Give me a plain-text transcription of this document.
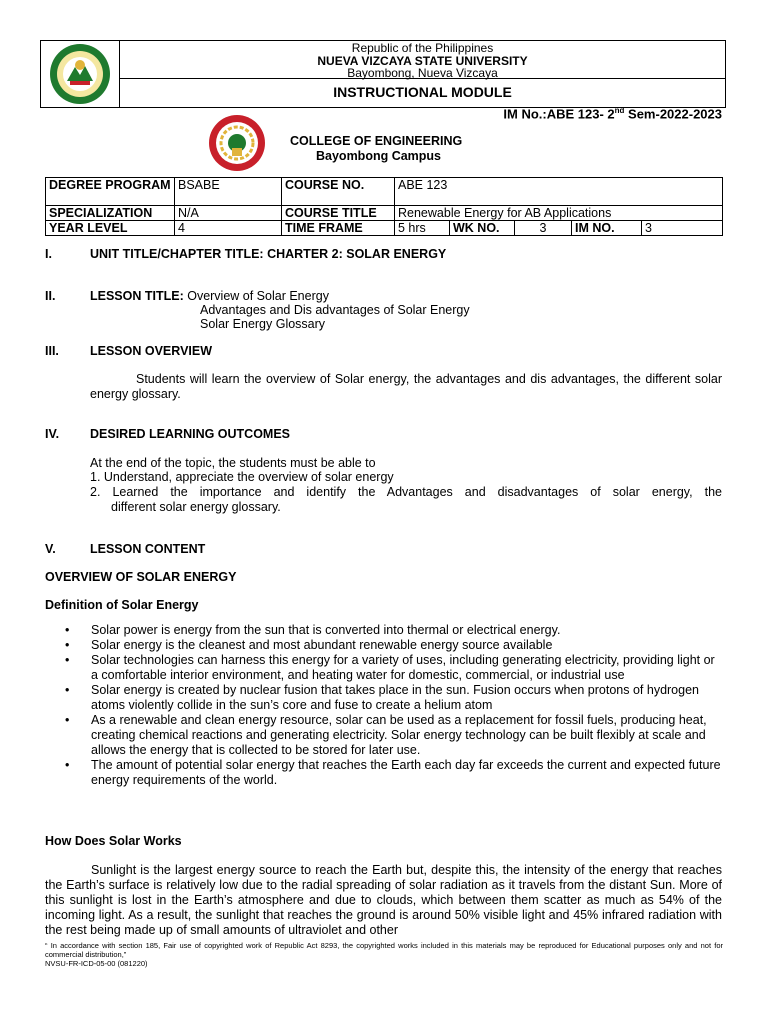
Republic of the Philippines
NUEVA VIZCAYA STATE UNIVERSITY
Bayombong, Nueva Vizcaya
INSTRUCTIONAL MODULE
IM No.:ABE 123- 2nd Sem-2022-2023
COLLEGE OF ENGINEERING
Bayombong Campus
DEGREE PROGRAM	BSABE	COURSE NO.	ABE 123				
SPECIALIZATION	N/A	COURSE TITLE	Renewable Energy for AB Applications				
YEAR LEVEL	4	TIME FRAME	5 hrs	WK NO.	3	IM NO.	3
I.	UNIT TITLE/CHAPTER TITLE: CHARTER 2: SOLAR ENERGY
II.	LESSON TITLE: Overview of Solar Energy
Advantages and Dis advantages of Solar Energy
Solar Energy Glossary
III. LESSON OVERVIEW
Students will learn the overview of Solar energy, the advantages and dis advantages, the different solar energy glossary.
IV. DESIRED LEARNING OUTCOMES
At the end of the topic, the students must be able to
1. Understand, appreciate the overview of solar energy
2. Learned the importance and identify the Advantages and disadvantages of solar energy, the
different solar energy glossary.
V.	LESSON CONTENT
OVERVIEW OF SOLAR ENERGY
Definition of Solar Energy
• Solar power is energy from the sun that is converted into thermal or electrical energy.
• Solar energy is the cleanest and most abundant renewable energy source available
• Solar technologies can harness this energy for a variety of uses, including generating electricity, providing light or a comfortable interior environment, and heating water for domestic, commercial, or industrial use
• Solar energy is created by nuclear fusion that takes place in the sun. Fusion occurs when protons of hydrogen atoms violently collide in the sun’s core and fuse to create a helium atom
• As a renewable and clean energy resource, solar can be used as a replacement for fossil fuels, producing heat, creating chemical reactions and generating electricity. Solar energy technology can be built flexibly at scale and allows the energy that is collected to be stored for later use.
• The amount of potential solar energy that reaches the Earth each day far exceeds the current and expected future energy requirements of the world.
How Does Solar Works
Sunlight is the largest energy source to reach the Earth but, despite this, the intensity of the energy that reaches the Earth’s surface is relatively low due to the radial spreading of solar radiation as it travels from the distant Sun. More of this sunlight is lost in the Earth’s atmosphere and due to clouds, which between them scatter as much as 54% of the incoming light. As a result, the sunlight that reaches the ground is around 50% visible light and 45% infrared radiation with the rest being made up of small amounts of ultraviolet and other
“ In accordance with section 185, Fair use of copyrighted work of Republic Act 8293, the copyrighted works included in this materials may be reproduced for Educational purposes only and not for commercial distribution,”
NVSU-FR-ICD-05-00 (081220)
